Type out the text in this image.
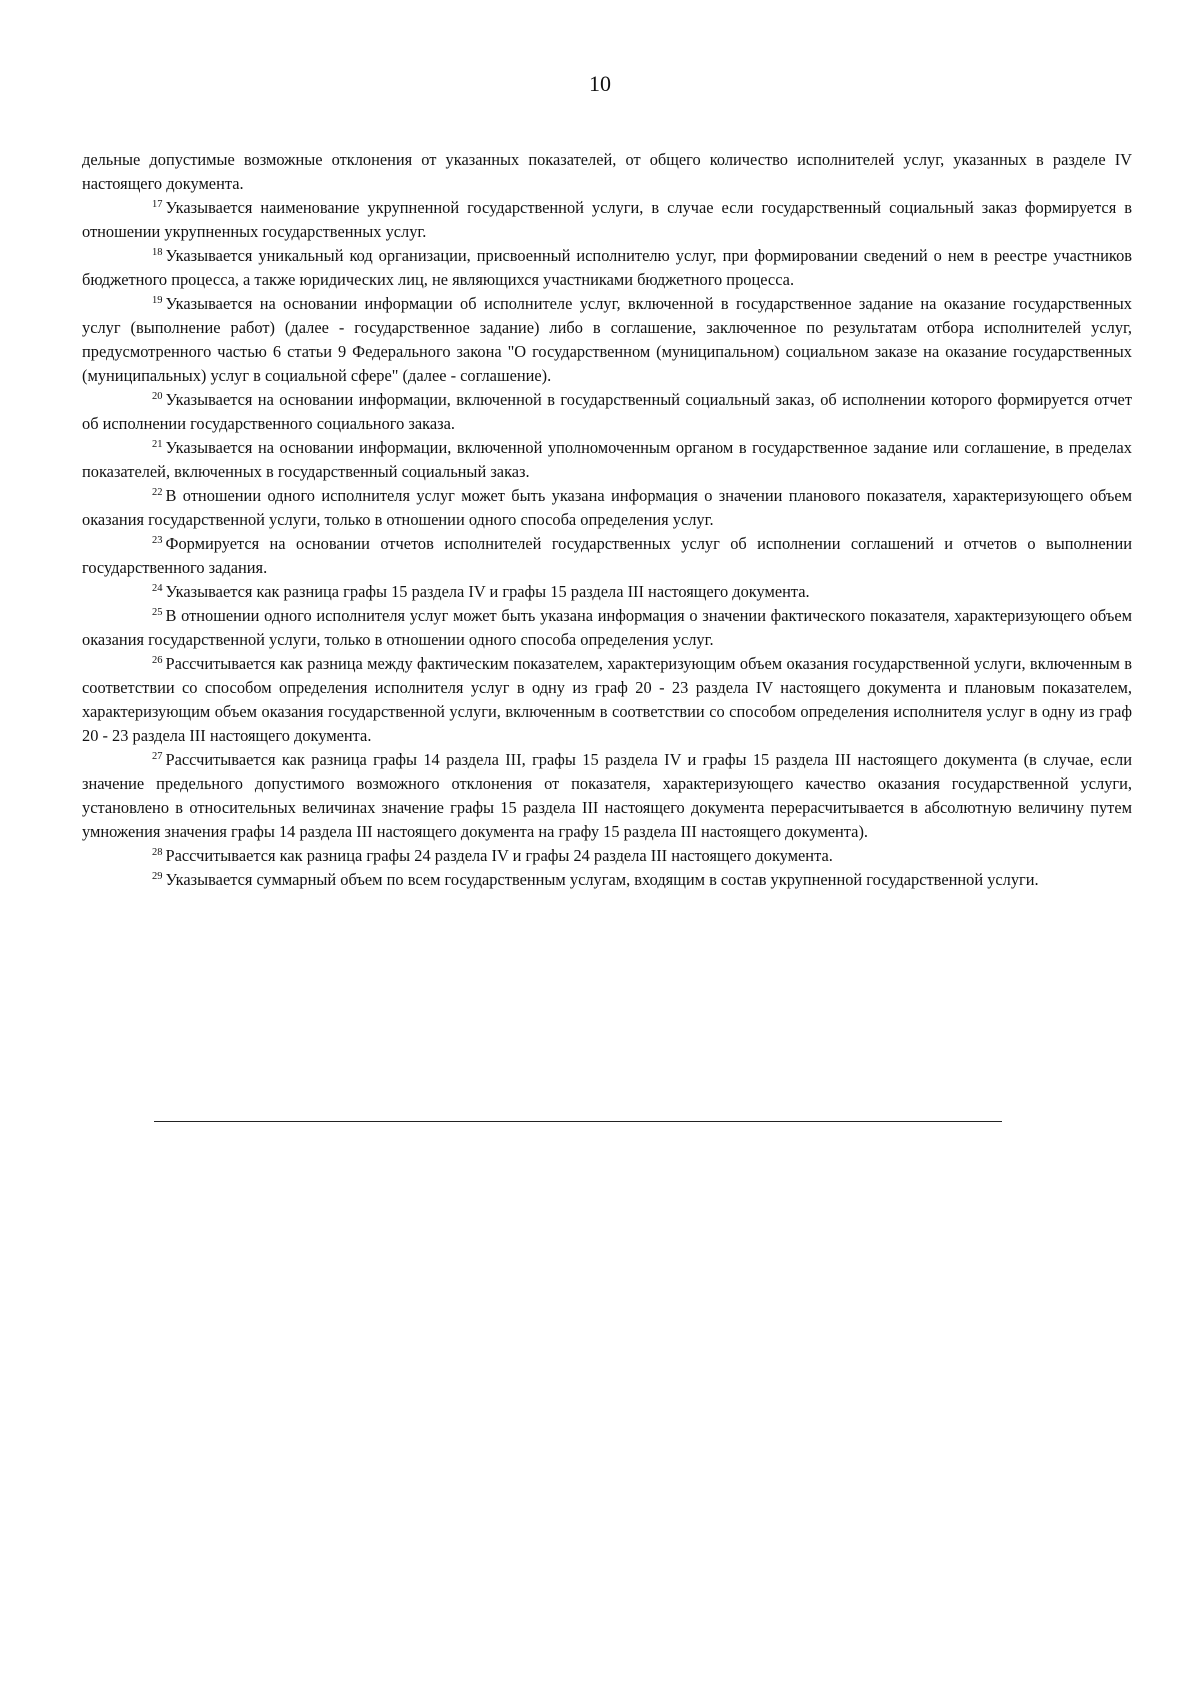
10

дельные допустимые возможные отклонения от указанных показателей, от общего количество исполнителей услуг, указанных в разделе IV настоящего документа.

$^{17}$ Указывается наименование укрупненной государственной услуги, в случае если государственный социальный заказ формируется в отношении укрупненных государственных услуг.

$^{18}$ Указывается уникальный код организации, присвоенный исполнителю услуг, при формировании сведений о нем в реестре участников бюджетного процесса, а также юридических лиц, не являющихся участниками бюджетного процесса.

$^{19}$ Указывается на основании информации об исполнителе услуг, включенной в государственное задание на оказание государственных услуг (выполнение работ) (далее - государственное задание) либо в соглашение, заключенное по результатам отбора исполнителей услуг, предусмотренного частью 6 статьи 9 Федерального закона "О государственном (муниципальном) социальном заказе на оказание государственных (муниципальных) услуг в социальной сфере" (далее - соглашение).

$^{20}$ Указывается на основании информации, включенной в государственный социальный заказ, об исполнении которого формируется отчет об исполнении государственного социального заказа.

$^{21}$ Указывается на основании информации, включенной уполномоченным органом в государственное задание или соглашение, в пределах показателей, включенных в государственный социальный заказ.

$^{22}$ В отношении одного исполнителя услуг может быть указана информация о значении планового показателя, характеризующего объем оказания государственной услуги, только в отношении одного способа определения услуг.

$^{23}$ Формируется на основании отчетов исполнителей государственных услуг об исполнении соглашений и отчетов о выполнении государственного задания.

$^{24}$ Указывается как разница графы 15 раздела IV и графы 15 раздела III настоящего документа.

$^{25}$ В отношении одного исполнителя услуг может быть указана информация о значении фактического показателя, характеризующего объем оказания государственной услуги, только в отношении одного способа определения услуг.

$^{26}$ Рассчитывается как разница между фактическим показателем, характеризующим объем оказания государственной услуги, включенным в соответствии со способом определения исполнителя услуг в одну из граф 20 - 23 раздела IV настоящего документа и плановым показателем, характеризующим объем оказания государственной услуги, включенным в соответствии со способом определения исполнителя услуг в одну из граф 20 - 23 раздела III настоящего документа.

$^{27}$ Рассчитывается как разница графы 14 раздела III, графы 15 раздела IV и графы 15 раздела III настоящего документа (в случае, если значение предельного допустимого возможного отклонения от показателя, характеризующего качество оказания государственной услуги, установлено в относительных величинах значение графы 15 раздела III настоящего документа перерасчитывается в абсолютную величину путем умножения значения графы 14 раздела III настоящего документа на графу 15 раздела III настоящего документа).

$^{28}$ Рассчитывается как разница графы 24 раздела IV и графы 24 раздела III настоящего документа.

$^{29}$ Указывается суммарный объем по всем государственным услугам, входящим в состав укрупненной государственной услуги.
